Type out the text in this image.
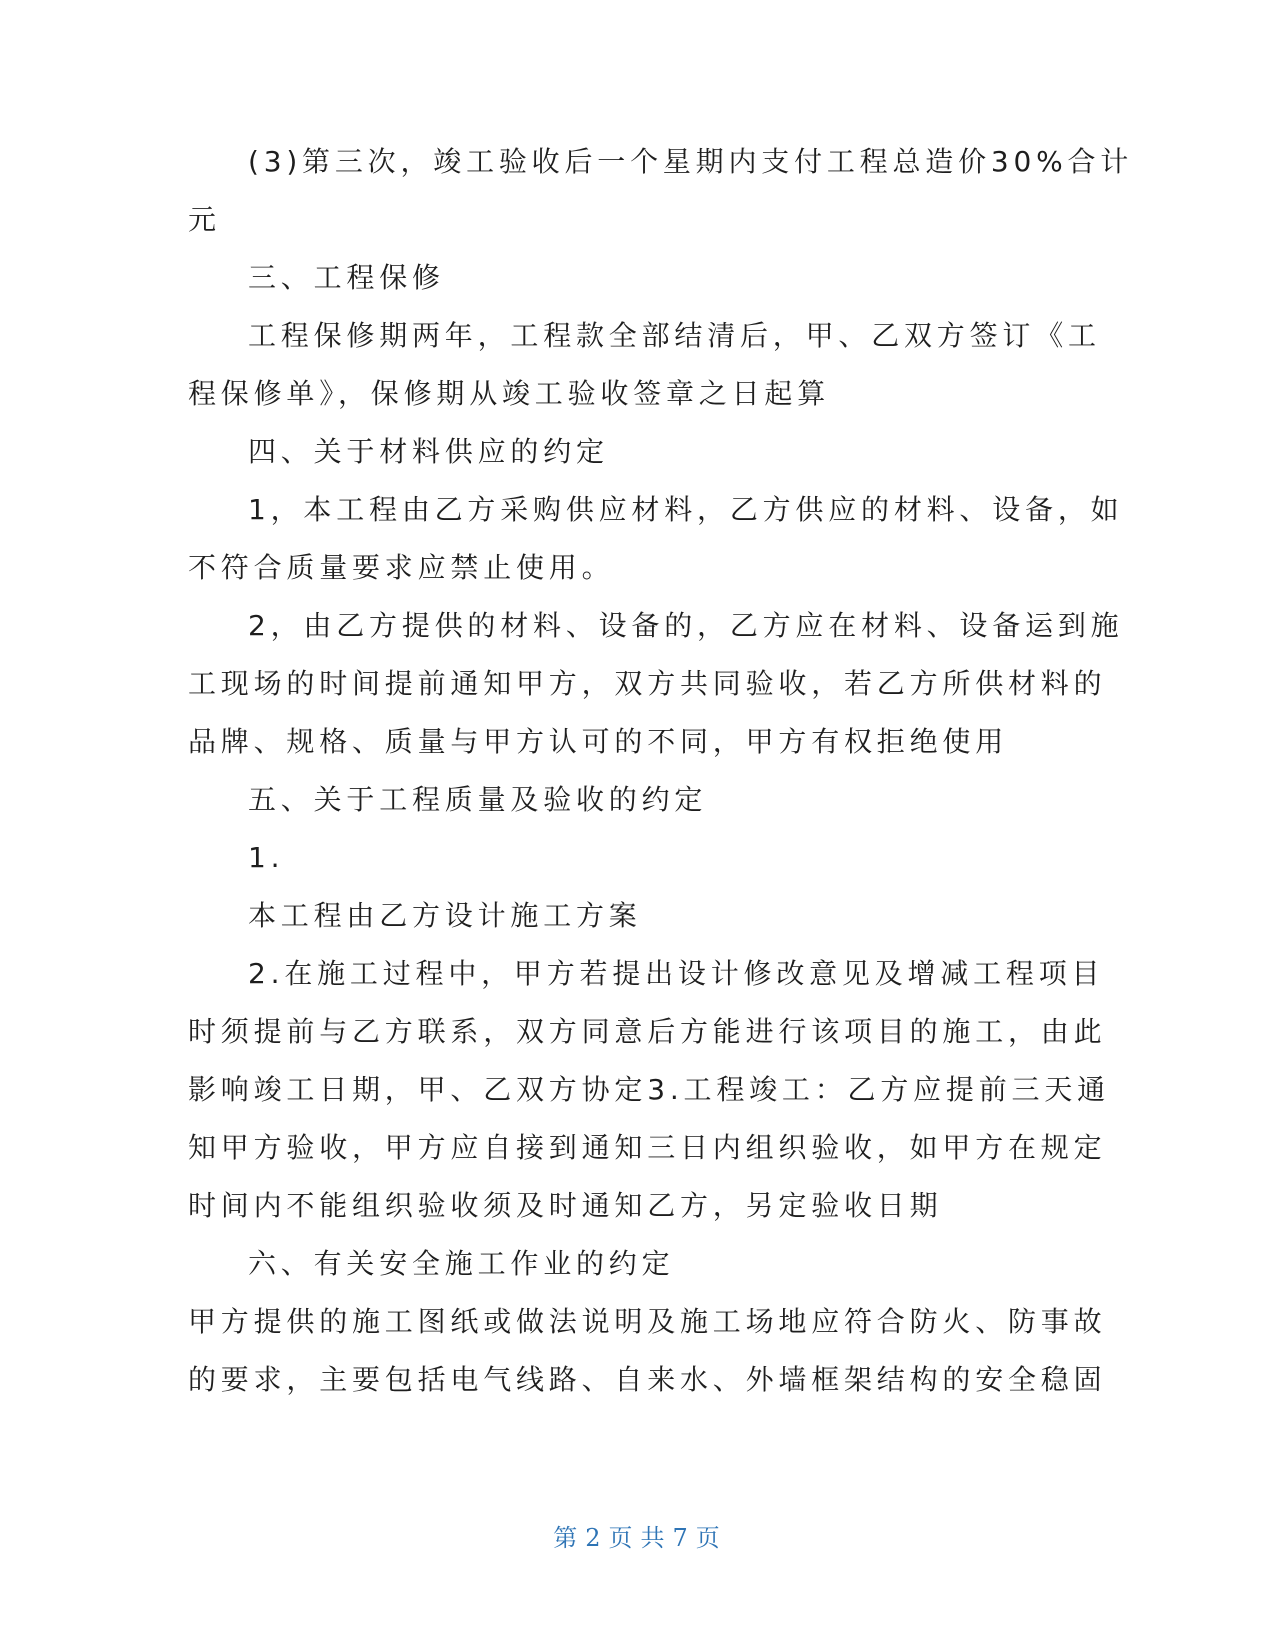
(3)第三次，竣工验收后一个星期内支付工程总造价30%合计
元
三、工程保修
工程保修期两年，工程款全部结清后，甲、乙双方签订《工
程保修单》，保修期从竣工验收签章之日起算
四、关于材料供应的约定
1，本工程由乙方采购供应材料，乙方供应的材料、设备，如
不符合质量要求应禁止使用。
2，由乙方提供的材料、设备的，乙方应在材料、设备运到施
工现场的时间提前通知甲方，双方共同验收，若乙方所供材料的
品牌、规格、质量与甲方认可的不同，甲方有权拒绝使用
五、关于工程质量及验收的约定
1.
本工程由乙方设计施工方案
2.在施工过程中，甲方若提出设计修改意见及增减工程项目
时须提前与乙方联系，双方同意后方能进行该项目的施工，由此
影响竣工日期，甲、乙双方协定3.工程竣工：乙方应提前三天通
知甲方验收，甲方应自接到通知三日内组织验收，如甲方在规定
时间内不能组织验收须及时通知乙方，另定验收日期
六、有关安全施工作业的约定
甲方提供的施工图纸或做法说明及施工场地应符合防火、防事故
的要求，主要包括电气线路、自来水、外墙框架结构的安全稳固
第 2 页 共 7 页
